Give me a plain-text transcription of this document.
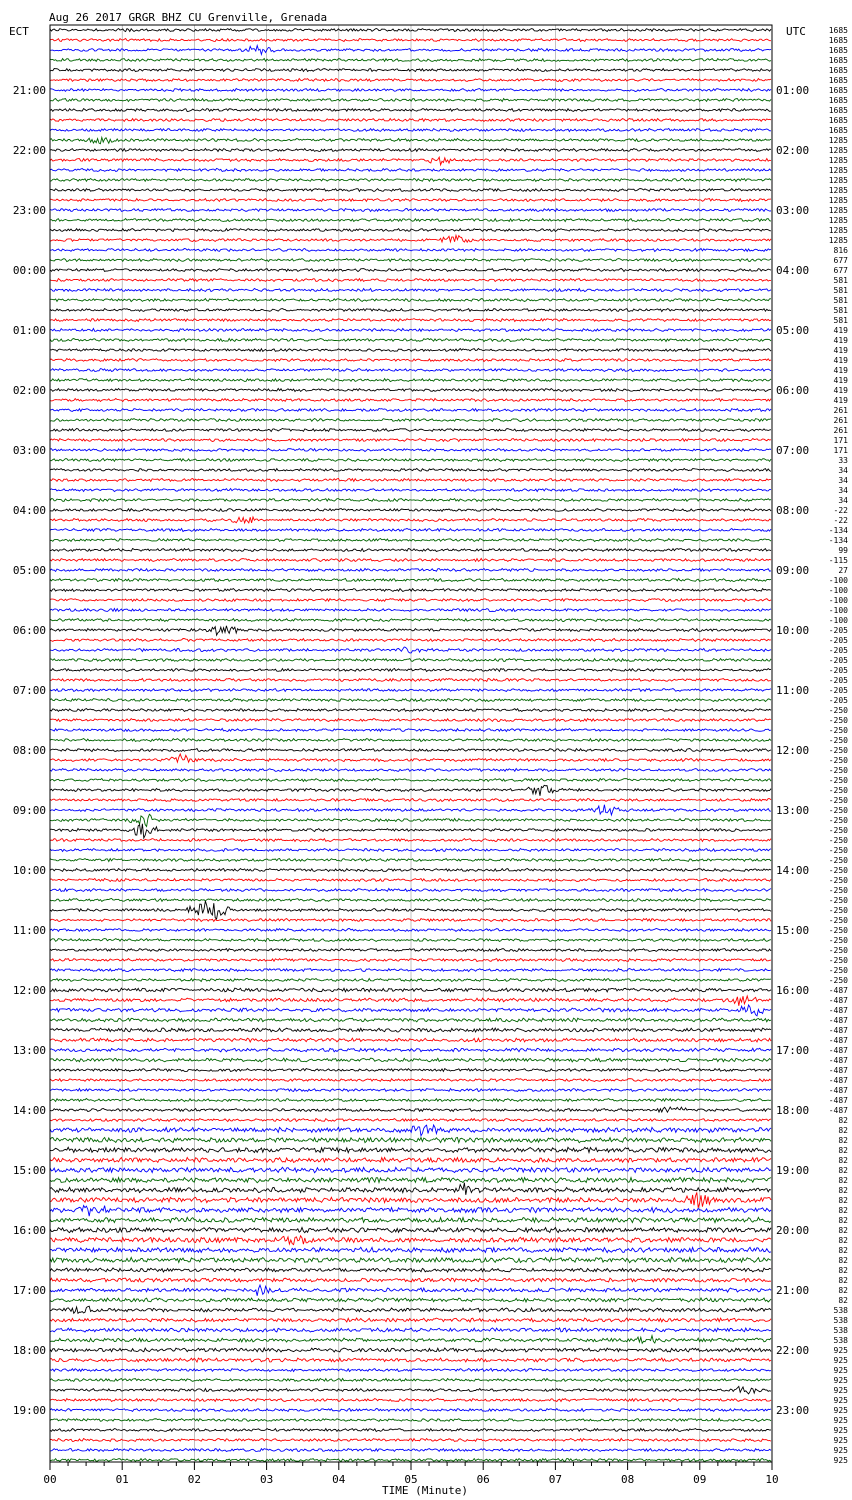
Aug 26 2017 GRGR BHZ CU Grenville, Grenada
ECT	UTC
21:00
22:00
23:00
00:00
01:00
02:00
03:00
04:00
05:00
06:00
07:00
08:00
09:00
10:00
11:00
12:00
13:00
14:00
15:00
16:00
17:00
18:00
19:00
01:00
02:00
03:00
04:00
05:00
06:00
07:00
08:00
09:00
10:00
11:00
12:00
13:00
14:00
15:00
16:00
17:00
18:00
19:00
20:00
21:00
22:00
23:00
1685
1685
1685
1685
1685
1685
1685
1685
1685
1685
1685
1285
1285
1285
1285
1285
1285
1285
1285
1285
1285
1285
816
677
677
581
581
581
581
581
419
419
419
419
419
419
419
419
261
261
261
171
171
33
34
34
34
34
-22
-22
-134
-134
99
-115
27
-100
-100
-100
-100
-100
-205
-205
-205
-205
-205
-205
-205
-205
-250
-250
-250
-250
-250
-250
-250
-250
-250
-250
-250
-250
-250
-250
-250
-250
-250
-250
-250
-250
-250
-250
-250
-250
-250
-250
-250
-250
-487
-487
-487
-487
-487
-487
-487
-487
-487
-487
-487
-487
-487
82
82
82
82
82
82
82
82
82
82
82
82
82
82
82
82
82
82
82
538
538
538
538
925
925
925
925
925
925
925
925
925
925
925
925
00	01	02	03	04	05	06	07	08	09	10
TIME (Minute)
